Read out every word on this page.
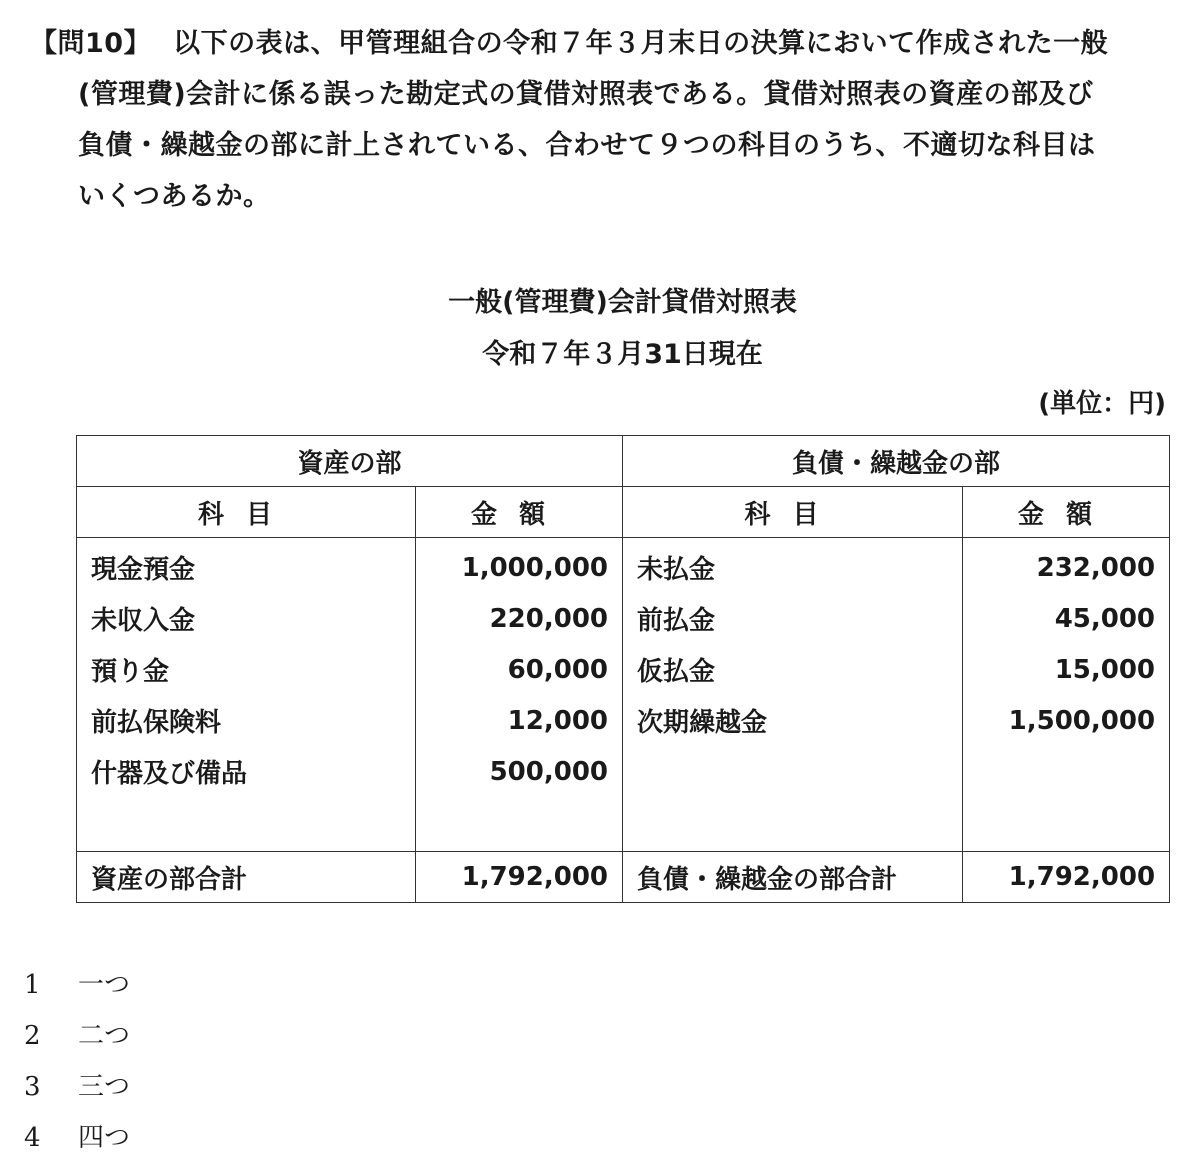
【問10】 以下の表は、甲管理組合の令和７年３月末日の決算において作成された一般
(管理費)会計に係る誤った勘定式の貸借対照表である。貸借対照表の資産の部及び
負債・繰越金の部に計上されている、合わせて９つの科目のうち、不適切な科目は
いくつあるか。
一般(管理費)会計貸借対照表
令和７年３月31日現在
(単位：円)
資産の部		負債・繰越金の部	
科目	金額	科目	金額
現金預金	1,000,000	未払金	232,000
未収入金	220,000	前払金	45,000
預り金	60,000	仮払金	15,000
前払保険料	12,000	次期繰越金	1,500,000
什器及び備品	500,000		

資産の部合計	1,792,000	負債・繰越金の部合計	1,792,000
1 一つ
2 二つ
3 三つ
4 四つ
